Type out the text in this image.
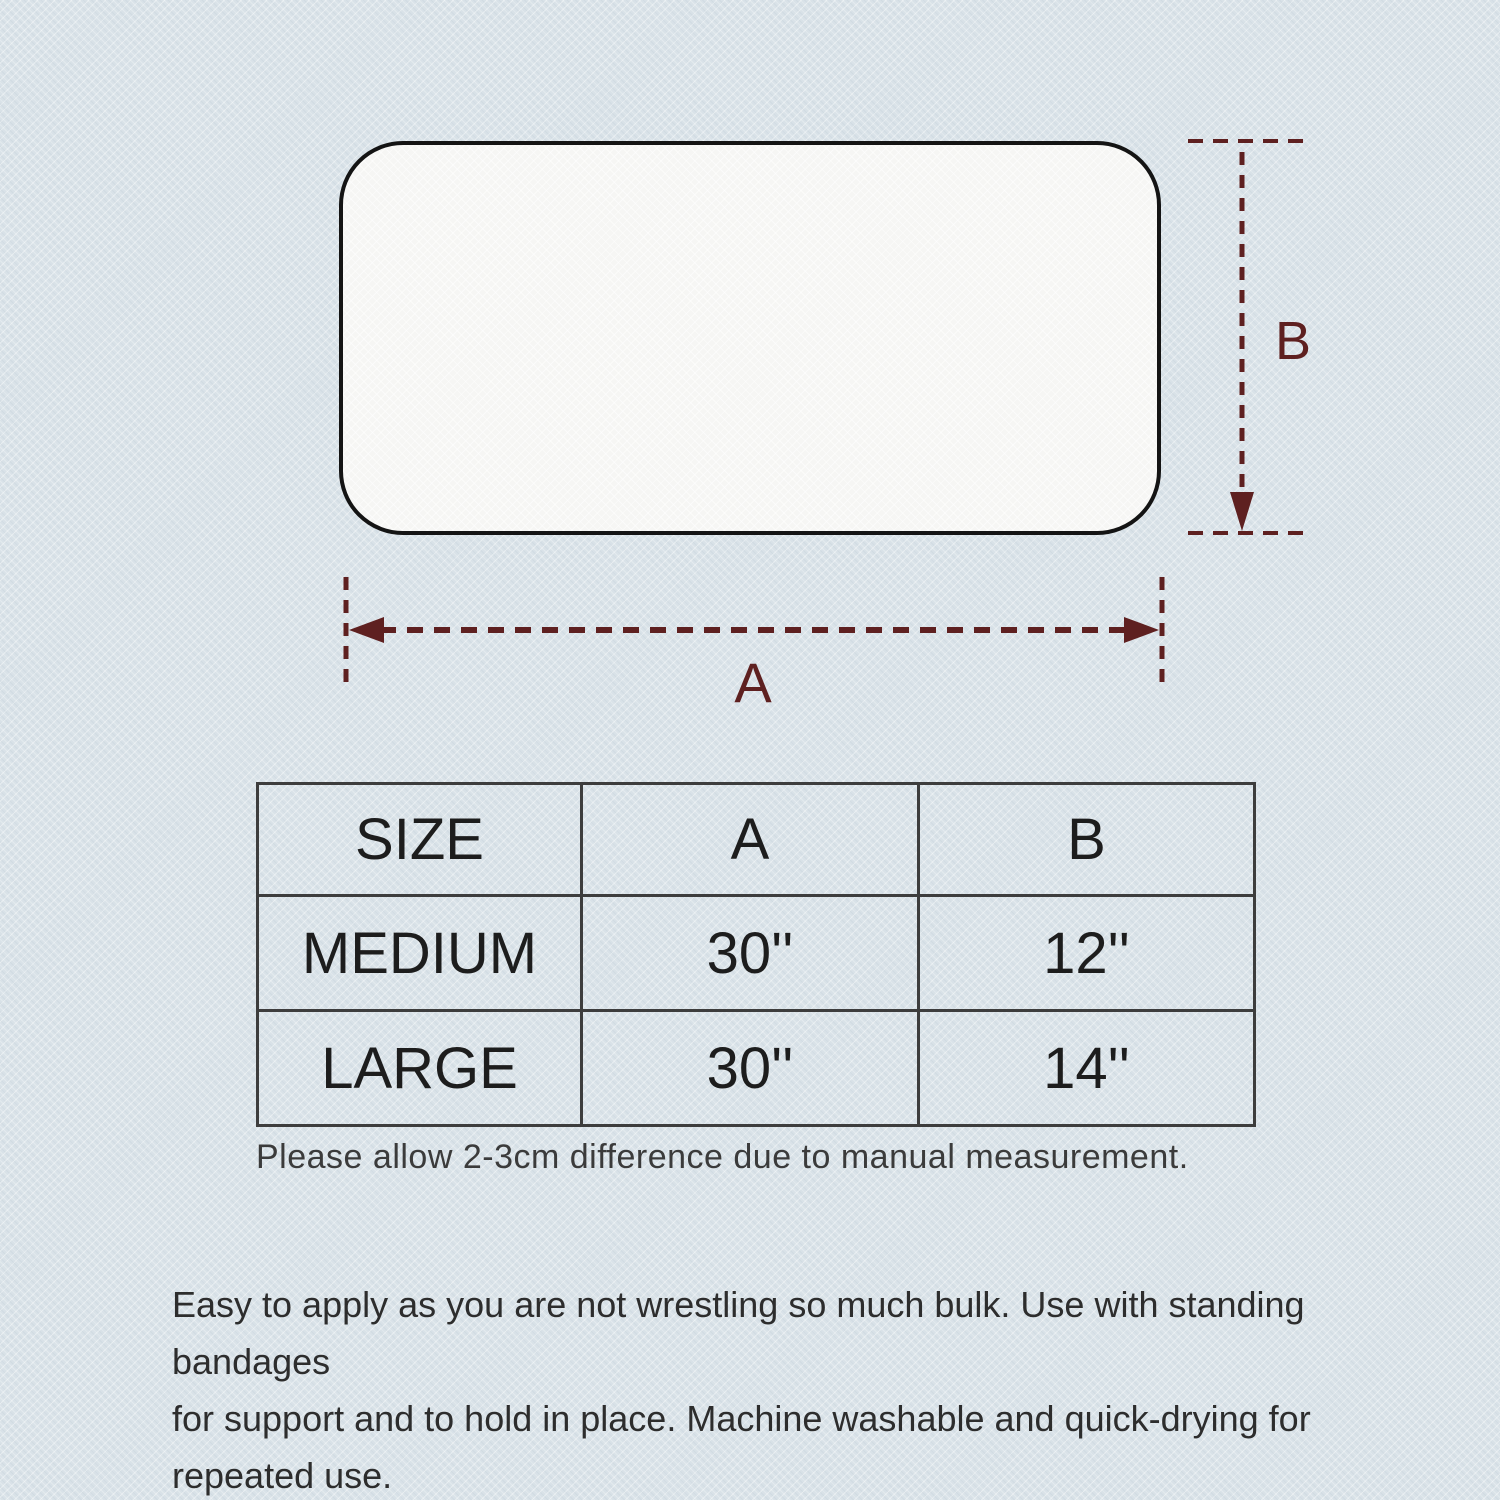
A
B
SIZE	A	B
MEDIUM	30''	12''
LARGE	30''	14''
Please allow 2-3cm difference due to manual measurement.
Easy to apply as you are not wrestling so much bulk. Use with standing bandages
for support and to hold in place. Machine washable and quick-drying for
repeated use.
